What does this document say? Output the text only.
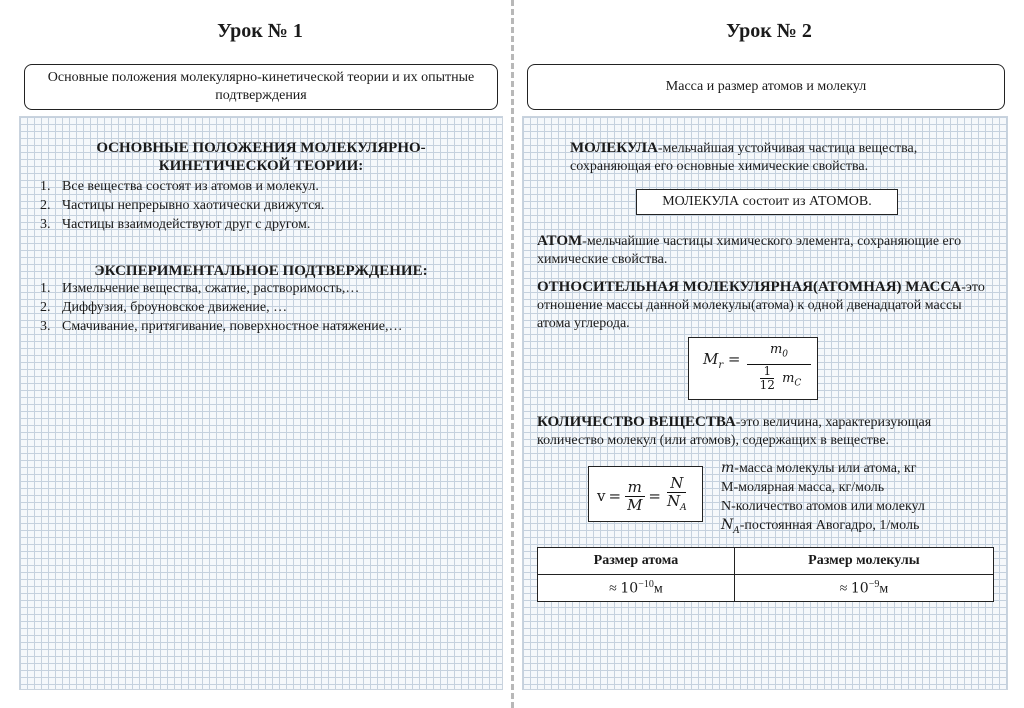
Урок № 1
Основные положения молекулярно-кинетической теории и их опытные подтверждения
ОСНОВНЫЕ ПОЛОЖЕНИЯ МОЛЕКУЛЯРНО-КИНЕТИЧЕСКОЙ ТЕОРИИ:
1. Все вещества состоят из атомов и молекул.
2. Частицы непрерывно хаотически движутся.
3. Частицы взаимодействуют друг с другом.
ЭКСПЕРИМЕНТАЛЬНОЕ ПОДТВЕРЖДЕНИЕ:
1. Измельчение вещества, сжатие, растворимость,…
2. Диффузия, броуновское движение, …
3. Смачивание, притягивание, поверхностное натяжение,…
Урок № 2
Масса и размер атомов и молекул
МОЛЕКУЛА-мельчайшая устойчивая частица вещества, сохраняющая его основные химические свойства.
МОЛЕКУЛА состоит из АТОМОВ.
АТОМ-мельчайшие частицы химического элемента, сохраняющие его химические свойства.
ОТНОСИТЕЛЬНАЯ МОЛЕКУЛЯРНАЯ(АТОМНАЯ) МАССА-это отношение массы данной молекулы(атома) к одной двенадцатой массы атома углерода.
$M_r$ =
$m_0$
$\frac{1}{12} m_C$
КОЛИЧЕСТВО ВЕЩЕСТВА-это величина, характеризующая количество молекул (или атомов), содержащих в веществе.
$v = \frac{m}{M} = \frac{N}{N_A}$
m-масса молекулы или атома, кг
M-молярная масса, кг/моль
N-количество атомов или молекул
$N_A$-постоянная Авогадро, 1/моль
Размер атома	Размер молекулы
≈ $10^{-10}м$	≈ $10^{-9}м$
